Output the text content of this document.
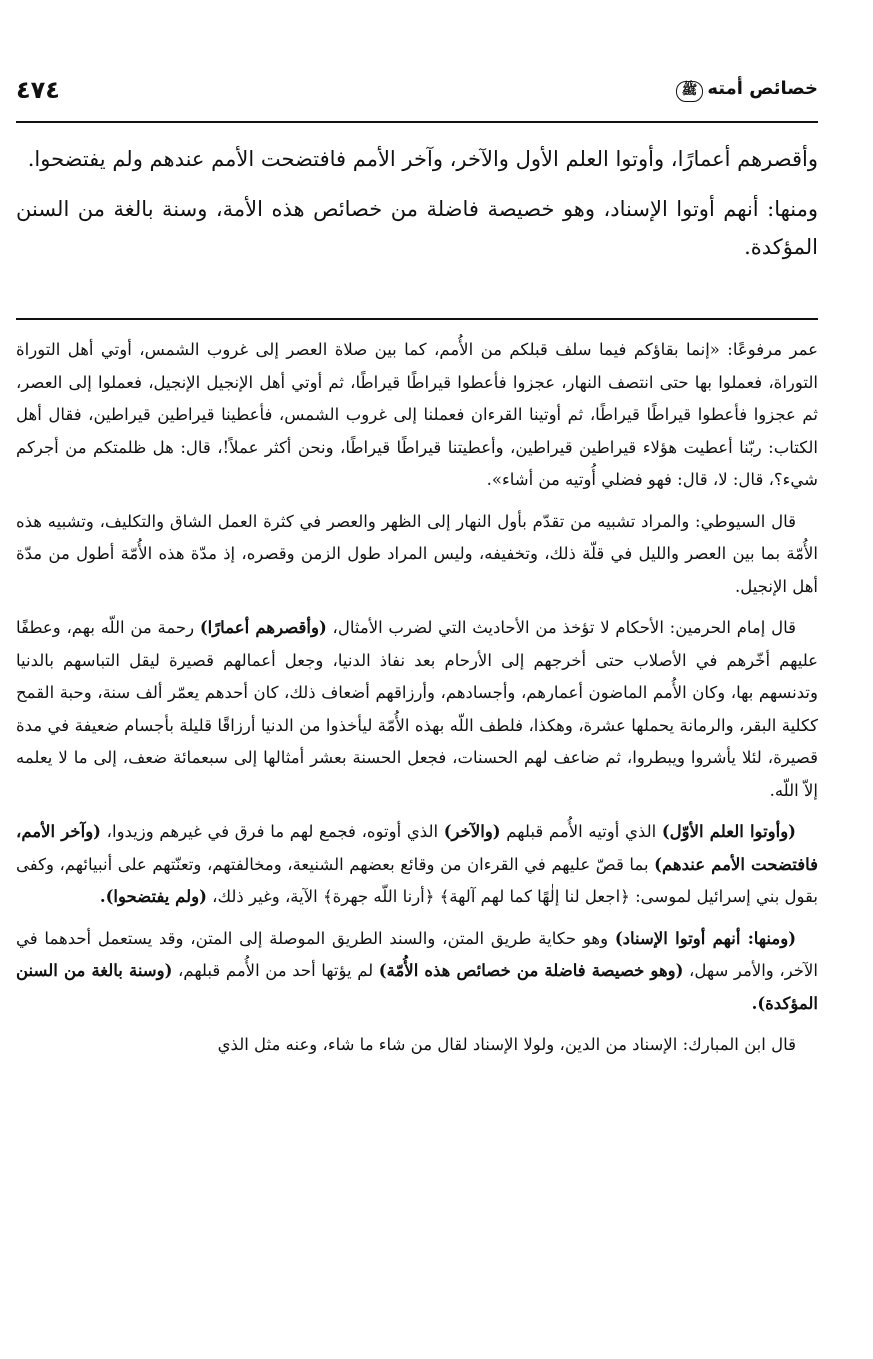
خصائص أمتهﷺ
٤٧٤

وأقصرهم أعمارًا، وأوتوا العلم الأول والآخر، وآخر الأمم فافتضحت الأمم عندهم ولم يفتضحوا.

ومنها: أنهم أوتوا الإسناد، وهو خصيصة فاضلة من خصائص هذه الأمة، وسنة بالغة من السنن المؤكدة.

عمر مرفوعًا: «إنما بقاؤكم فيما سلف قبلكم من الأُمم، كما بين صلاة العصر إلى غروب الشمس، أوتي أهل التوراة التوراة، فعملوا بها حتى انتصف النهار، عجزوا فأعطوا قيراطًا قيراطًا، ثم أوتي أهل الإنجيل الإنجيل، فعملوا إلى العصر، ثم عجزوا فأعطوا قيراطًا قيراطًا، ثم أوتينا القرءان فعملنا إلى غروب الشمس، فأعطينا قيراطين قيراطين، فقال أهل الكتاب: ربّنا أعطيت هؤلاء قيراطين قيراطين، وأعطيتنا قيراطًا قيراطًا، ونحن أكثر عملاً!، قال: هل ظلمتكم من أجركم شيء؟، قال: لا، قال: فهو فضلي أُوتيه من أشاء».

قال السيوطي: والمراد تشبيه من تقدّم بأول النهار إلى الظهر والعصر في كثرة العمل الشاق والتكليف، وتشبيه هذه الأُمّة بما بين العصر والليل في قلّة ذلك، وتخفيفه، وليس المراد طول الزمن وقصره، إذ مدّة هذه الأُمّة أطول من مدّة أهل الإنجيل.

قال إمام الحرمين: الأحكام لا تؤخذ من الأحاديث التي لضرب الأمثال، (وأقصرهم أعمارًا) رحمة من اللّه بهم، وعطفًا عليهم أخّرهم في الأصلاب حتى أخرجهم إلى الأرحام بعد نفاذ الدنيا، وجعل أعمالهم قصيرة ليقل التباسهم بالدنيا وتدنسهم بها، وكان الأُمم الماضون أعمارهم، وأجسادهم، وأرزاقهم أضعاف ذلك، كان أحدهم يعمّر ألف سنة، وحبة القمح ككلية البقر، والرمانة يحملها عشرة، وهكذا، فلطف اللّه بهذه الأُمّة ليأخذوا من الدنيا أرزاقًا قليلة بأجسام ضعيفة في مدة قصيرة، لئلا يأشروا ويبطروا، ثم ضاعف لهم الحسنات، فجعل الحسنة بعشر أمثالها إلى سبعمائة ضعف، إلى ما لا يعلمه إلاّ اللّه.

(وأوتوا العلم الأوّل) الذي أوتيه الأُمم قبلهم (والآخر) الذي أوتوه، فجمع لهم ما فرق في غيرهم وزيدوا، (وآخر الأمم، فافتضحت الأمم عندهم) بما قصّ عليهم في القرءان من وقائع بعضهم الشنيعة، ومخالفتهم، وتعنّتهم على أنبيائهم، وكفى بقول بني إسرائيل لموسى: ﴿اجعل لنا إلٰهًا كما لهم آلهة﴾ ﴿أرنا اللّه جهرة﴾ الآية، وغير ذلك، (ولم يفتضحوا).

(ومنها: أنهم أوتوا الإسناد) وهو حكاية طريق المتن، والسند الطريق الموصلة إلى المتن، وقد يستعمل أحدهما في الآخر، والأمر سهل، (وهو خصيصة فاضلة من خصائص هذه الأُمّة) لم يؤتها أحد من الأُمم قبلهم، (وسنة بالغة من السنن المؤكدة).

قال ابن المبارك: الإسناد من الدين، ولولا الإسناد لقال من شاء ما شاء، وعنه مثل الذي
